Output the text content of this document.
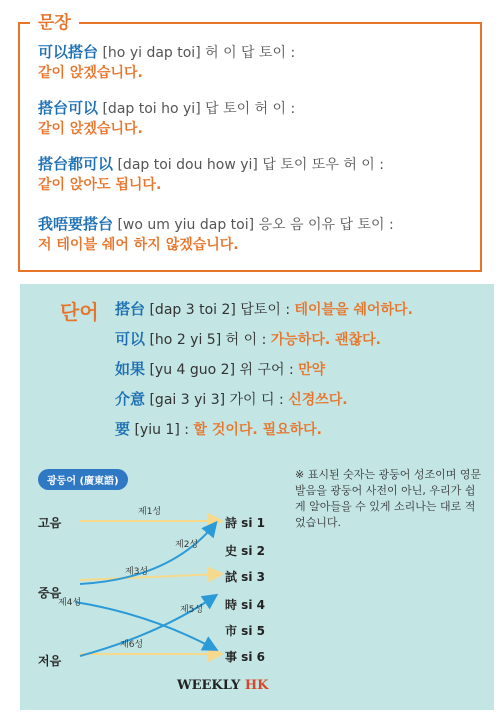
문장
可以搭台 [ho yi dap toi] 허 이 답 토이 :
같이 앉겠습니다.
搭台可以 [dap toi ho yi] 답 토이 허 이 :
같이 앉겠습니다.
搭台都可以 [dap toi dou how yi] 답 토이 또우 허 이 :
같이 앉아도 됩니다.
我唔要搭台 [wo um yiu dap toi] 응오 음 이유 답 토이 :
저 테이블 쉐어 하지 않겠습니다.
단어 搭台 [dap 3 toi 2] 답토이 : 테이블을 쉐어하다.
可以 [ho 2 yi 5] 허 이 : 가능하다. 괜찮다.
如果 [yu 4 guo 2] 위 구어 : 만약
介意 [gai 3 yi 3] 가이 디 : 신경쓰다.
要 [yiu 1] : 할 것이다. 필요하다.
광둥어 (廣東語)
※ 표시된 숫자는 광둥어 성조이며 영문 발음을 광둥어 사전이 아닌, 우리가 쉽게 알아들을 수 있게 소리나는 대로 적었습니다.
제1성
제2성
제3성
제4성
제5성
제6성
고음
중음
저음
詩 si 1
史 si 2
試 si 3
時 si 4
市 si 5
事 si 6
WEEKLY HK
